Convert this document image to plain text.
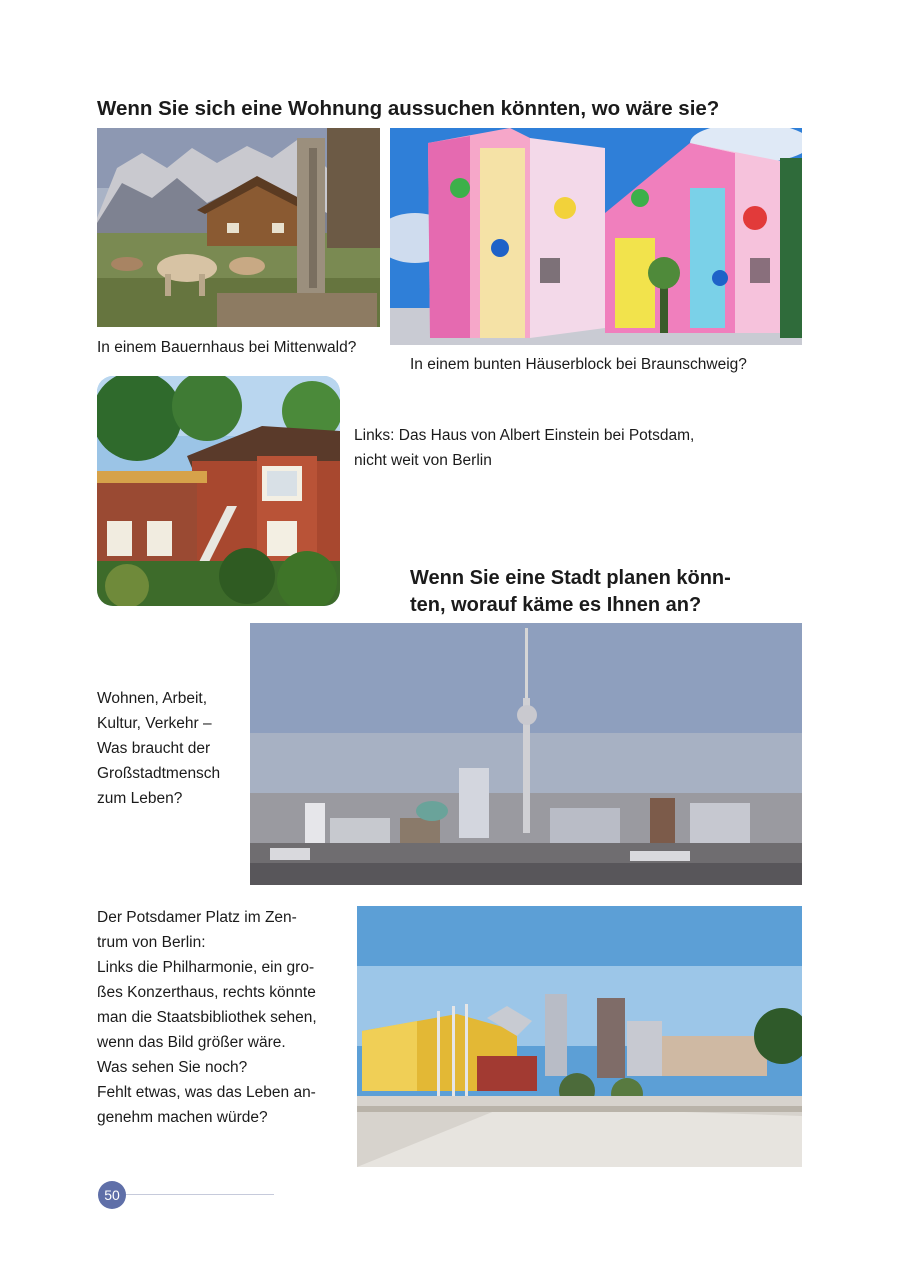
Wenn Sie sich eine Wohnung aussuchen könnten, wo wäre sie?
In einem Bauernhaus bei Mittenwald?
In einem bunten Häuserblock bei Braunschweig?
Links: Das Haus von Albert Einstein bei Potsdam,
nicht weit von Berlin
Wenn Sie eine Stadt planen könn-
ten, worauf käme es Ihnen an?
Wohnen, Arbeit,
Kultur, Verkehr –
Was braucht der
Großstadtmensch
zum Leben?
Der Potsdamer Platz im Zen-
trum von Berlin:
Links die Philharmonie, ein gro-
ßes Konzerthaus, rechts könnte
man die Staatsbibliothek sehen,
wenn das Bild größer wäre.
Was sehen Sie noch?
Fehlt etwas, was das Leben an-
genehm machen würde?
50
